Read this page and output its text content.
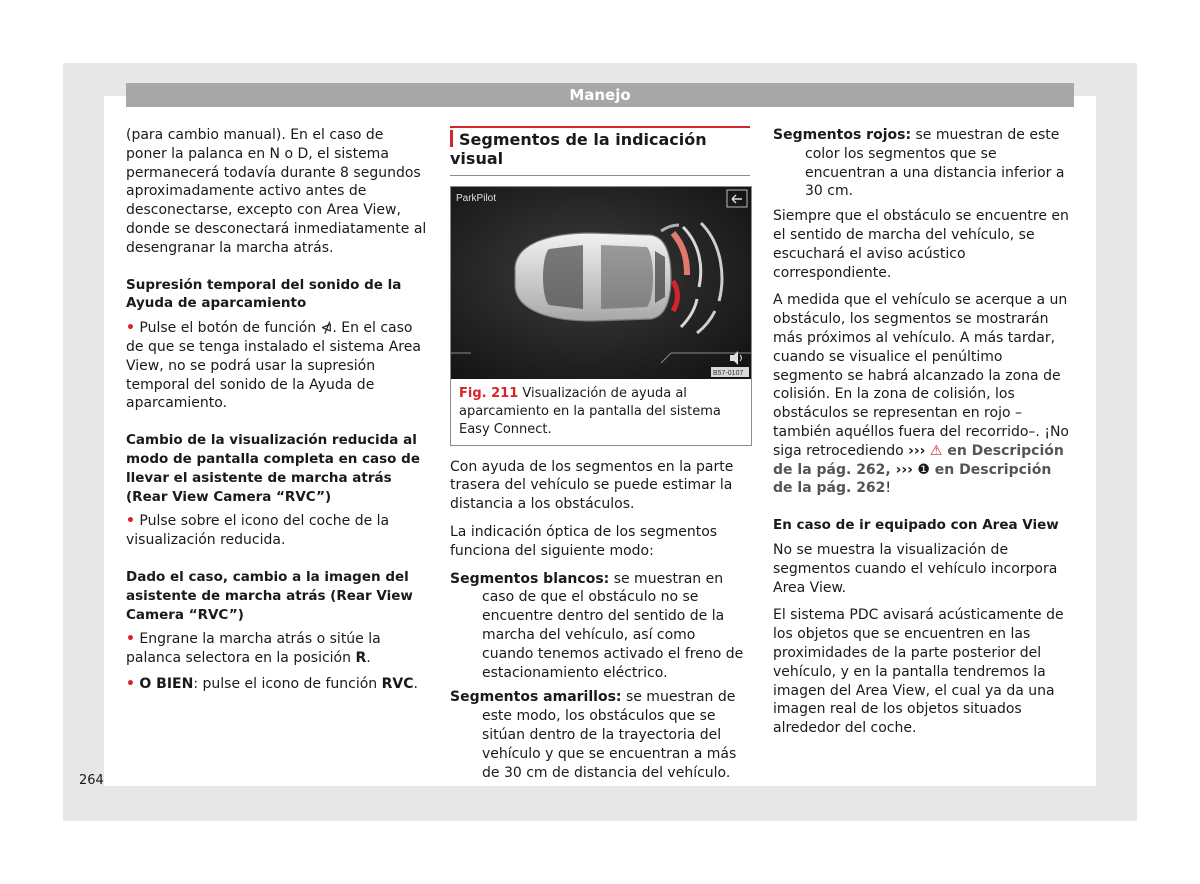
Manejo

(para cambio manual). En el caso de poner la palanca en N o D, el sistema permanecerá todavía durante 8 segundos aproximadamente activo antes de desconectarse, excepto con Area View, donde se desconectará inmediatamente al desengranar la marcha atrás.

Supresión temporal del sonido de la Ayuda de aparcamiento

• Pulse el botón de función ⋪. En el caso de que se tenga instalado el sistema Area View, no se podrá usar la supresión temporal del sonido de la Ayuda de aparcamiento.

Cambio de la visualización reducida al modo de pantalla completa en caso de llevar el asistente de marcha atrás (Rear View Camera “RVC”)

• Pulse sobre el icono del coche de la visualización reducida.

Dado el caso, cambio a la imagen del asistente de marcha atrás (Rear View Camera “RVC”)

• Engrane la marcha atrás o sitúe la palanca selectora en la posición R.

• O BIEN: pulse el icono de función RVC.

Segmentos de la indicación visual
ParkPilot
B57-0107
Fig. 211 Visualización de ayuda al aparcamiento en la pantalla del sistema Easy Connect.

Con ayuda de los segmentos en la parte trasera del vehículo se puede estimar la distancia a los obstáculos.

La indicación óptica de los segmentos funciona del siguiente modo:

Segmentos blancos: se muestran en caso de que el obstáculo no se encuentre dentro del sentido de la marcha del vehículo, así como cuando tenemos activado el freno de estacionamiento eléctrico.

Segmentos amarillos: se muestran de este modo, los obstáculos que se sitúan dentro de la trayectoria del vehículo y que se encuentran a más de 30 cm de distancia del vehículo.

Segmentos rojos: se muestran de este color los segmentos que se encuentran a una distancia inferior a 30 cm.

Siempre que el obstáculo se encuentre en el sentido de marcha del vehículo, se escuchará el aviso acústico correspondiente.

A medida que el vehículo se acerque a un obstáculo, los segmentos se mostrarán más próximos al vehículo. A más tardar, cuando se visualice el penúltimo segmento se habrá alcanzado la zona de colisión. En la zona de colisión, los obstáculos se representan en rojo –también aquéllos fuera del recorrido–. ¡No siga retrocediendo ››› ⚠ en Descripción de la pág. 262, ››› ❶ en Descripción de la pág. 262!

En caso de ir equipado con Area View

No se muestra la visualización de segmentos cuando el vehículo incorpora Area View.

El sistema PDC avisará acústicamente de los objetos que se encuentren en las proximidades de la parte posterior del vehículo, y en la pantalla tendremos la imagen del Area View, el cual ya da una imagen real de los objetos situados alrededor del coche.

264
